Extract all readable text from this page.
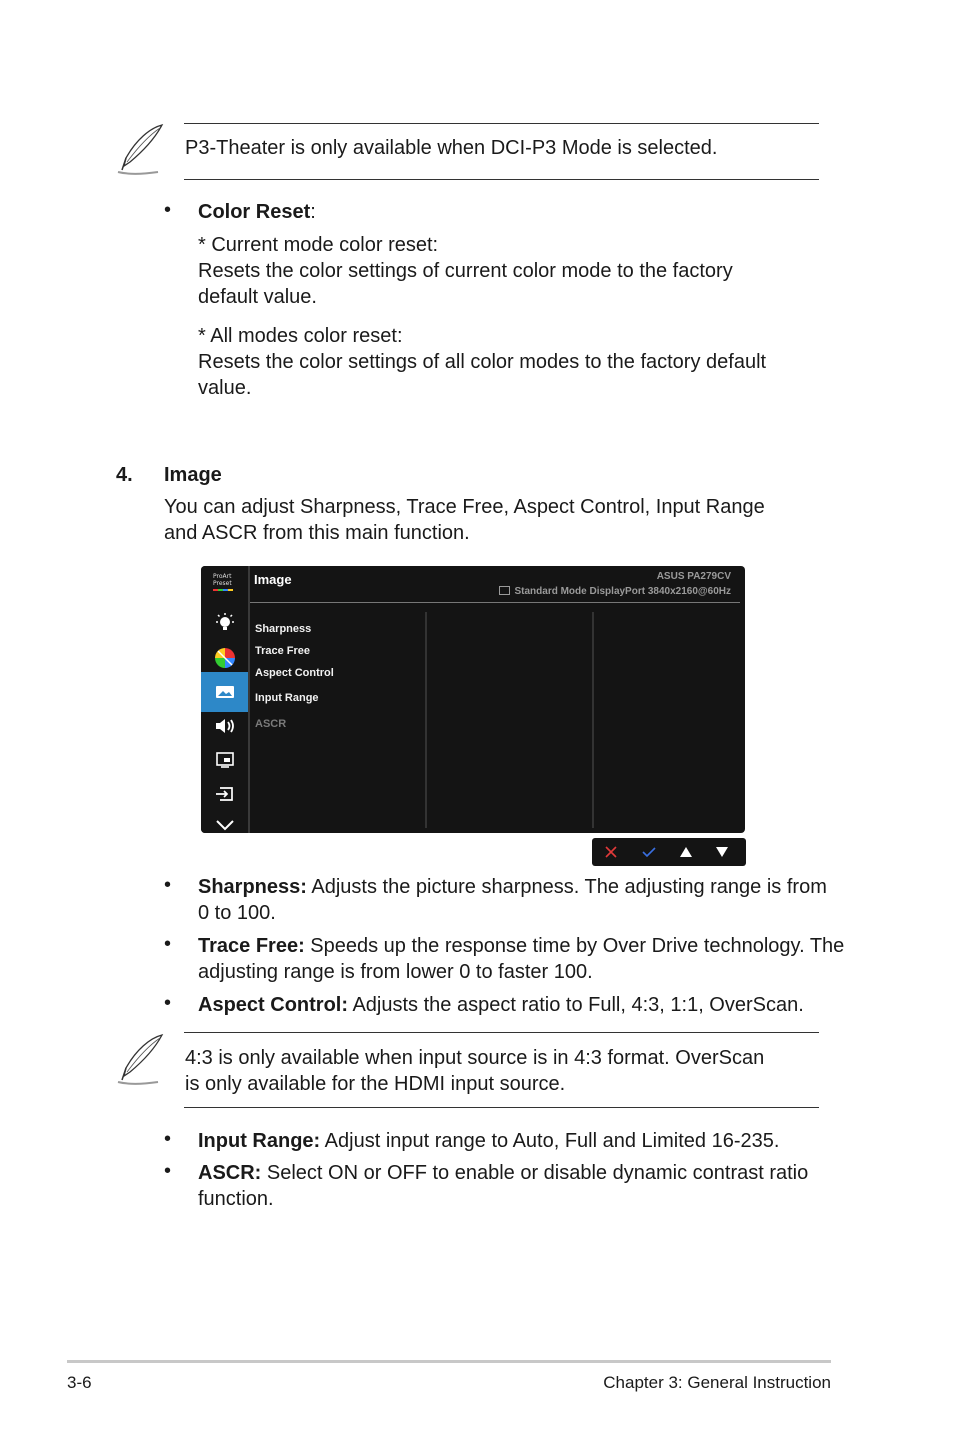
P3-Theater is only available when DCI-P3 Mode is selected.
• Color Reset:
* Current mode color reset:
Resets the color settings of current color mode to the factory
default value.
* All modes color reset:
Resets the color settings of all color modes to the factory default
value.
4. Image
You can adjust Sharpness, Trace Free, Aspect Control, Input Range
and ASCR from this main function.
ProArt
Preset Image	ASUS PA279CV
Standard Mode DisplayPort 3840x2160@60Hz
Sharpness
Trace Free
Aspect Control
Input Range
ASCR
• Sharpness: Adjusts the picture sharpness. The adjusting range is from
0 to 100.
• Trace Free: Speeds up the response time by Over Drive technology. The
adjusting range is from lower 0 to faster 100.
• Aspect Control: Adjusts the aspect ratio to Full, 4:3, 1:1, OverScan.
4:3 is only available when input source is in 4:3 format. OverScan
is only available for the HDMI input source.
• Input Range: Adjust input range to Auto, Full and Limited 16-235.
• ASCR: Select ON or OFF to enable or disable dynamic contrast ratio
function.
3-6	Chapter 3: General Instruction
